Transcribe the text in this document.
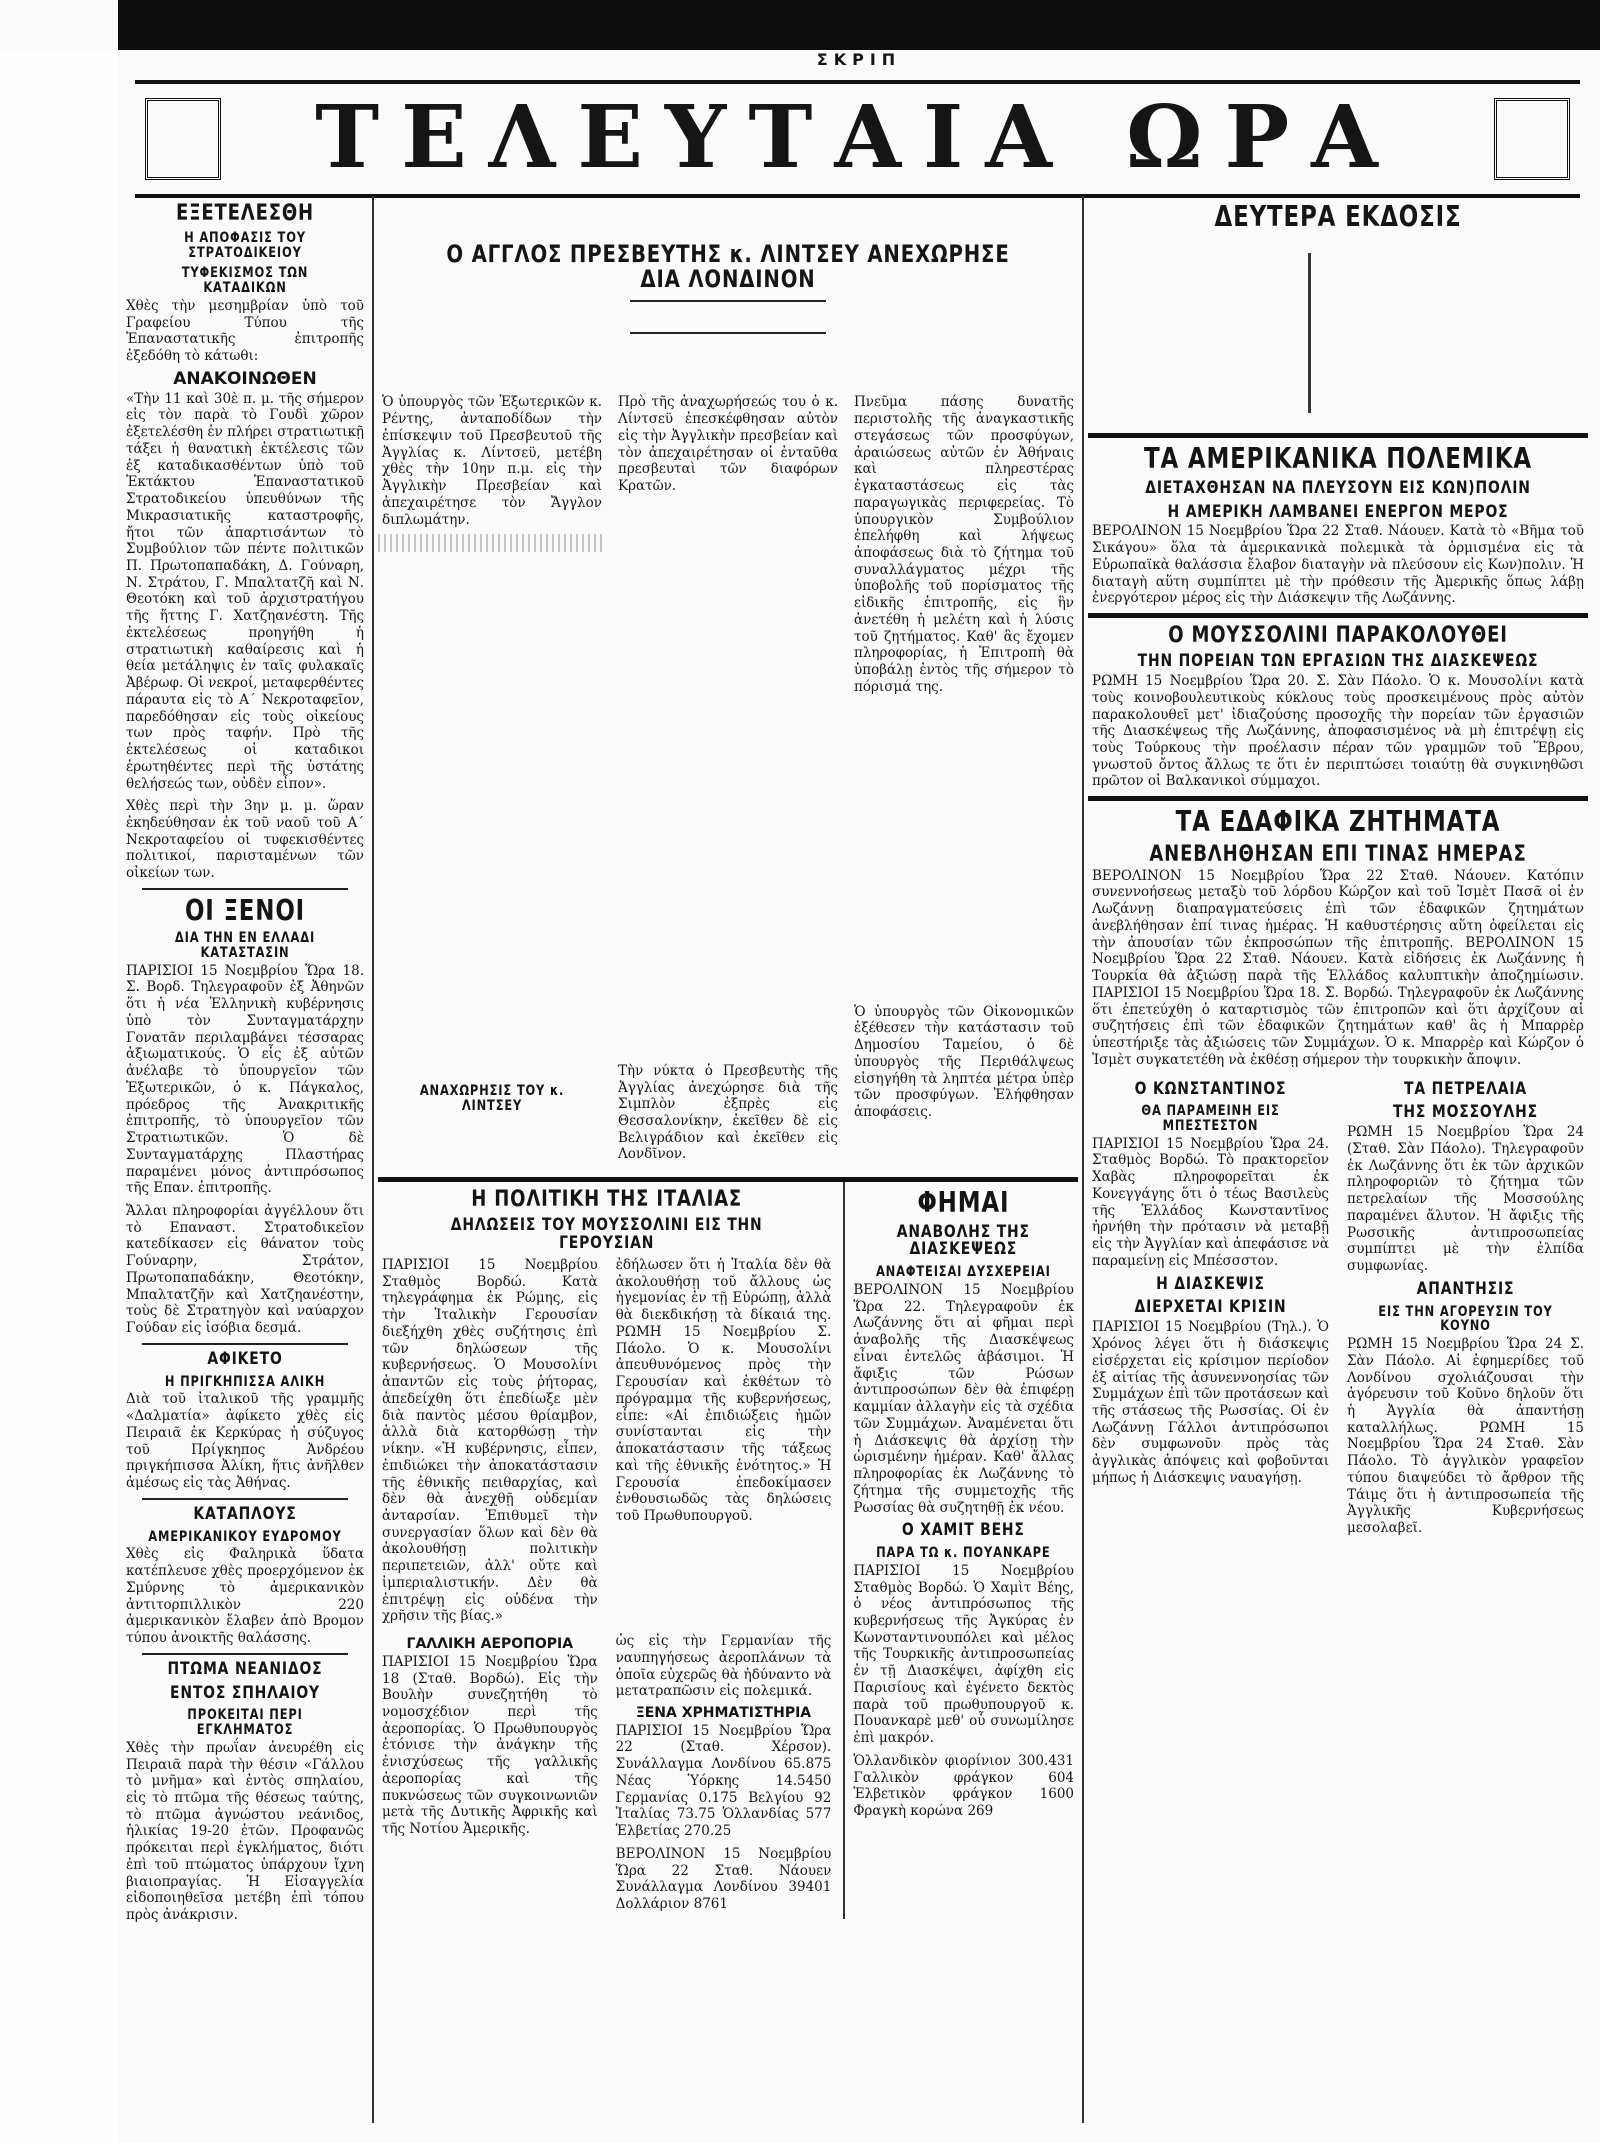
ΣΚΡΙΠ
ΤΕΛΕΥΤΑΙΑ ΩΡΑ
ΕΞΕΤΕΛΕΣΘΗ
Η ΑΠΟΦΑΣΙΣ ΤΟΥ ΣΤΡΑΤΟΔΙΚΕΙΟΥ
ΤΥΦΕΚΙΣΜΟΣ ΤΩΝ ΚΑΤΑΔΙΚΩΝ
Χθὲς τὴν μεσημβρίαν ὑπὸ τοῦ Γραφείου Τύπου τῆς Ἐπαναστατικῆς ἐπιτροπῆς ἐξεδόθη τὸ κάτωθι:
ΑΝΑΚΟΙΝΩΘΕΝ
«Τὴν 11 καὶ 30ὲ π. μ. τῆς σήμερον εἰς τὸν παρὰ τὸ Γουδὶ χῶρον ἐξετελέσθη ἐν πλήρει στρατιωτικῇ τάξει ἡ θανατικὴ ἐκτέλεσις τῶν ἐξ καταδικασθέντων ὑπὸ τοῦ Ἐκτάκτου Ἐπαναστατικοῦ Στρατοδικείου ὑπευθύνων τῆς Μικρασιατικῆς καταστροφῆς, ἤτοι τῶν ἀπαρτισάντων τὸ Συμβούλιον τῶν πέντε πολιτικῶν Π. Πρωτοπαπαδάκη, Δ. Γούναρη, Ν. Στράτου, Γ. Μπαλτατζῆ καὶ Ν. Θεοτόκη καὶ τοῦ ἀρχιστρατήγου τῆς ἥττης Γ. Χατζηανέστη. Τῆς ἐκτελέσεως προηγήθη ἡ στρατιωτικὴ καθαίρεσις καὶ ἡ θεία μετάληψις ἐν ταῖς φυλακαῖς Ἀβέρωφ. Οἱ νεκροί, μεταφερθέντες πάραυτα εἰς τὸ Α΄ Νεκροταφεῖον, παρεδόθησαν εἰς τοὺς οἰκείους των πρὸς ταφήν. Πρὸ τῆς ἐκτελέσεως οἱ καταδικοι ἐρωτηθέντες περὶ τῆς ὑστάτης θελήσεώς των, οὐδὲν εἶπον».
Χθὲς περὶ τὴν 3ην μ. μ. ὥραν ἐκηδεύθησαν ἐκ τοῦ ναοῦ τοῦ Α΄ Νεκροταφείου οἱ τυφεκισθέντες πολιτικοί, παρισταμένων τῶν οἰκείων των.
ΟΙ ΞΕΝΟΙ
ΔΙΑ ΤΗΝ ΕΝ ΕΛΛΑΔΙ ΚΑΤΑΣΤΑΣΙΝ
ΠΑΡΙΣΙΟΙ 15 Νοεμβρίου Ὥρα 18. Σ. Βορδ. Τηλεγραφοῦν ἐξ Ἀθηνῶν ὅτι ἡ νέα Ἑλληνικὴ κυβέρνησις ὑπὸ τὸν Συνταγματάρχην Γονατᾶν περιλαμβάνει τέσσαρας ἀξιωματικούς. Ὁ εἷς ἐξ αὐτῶν ἀνέλαβε τὸ ὑπουργεῖον τῶν Ἐξωτερικῶν, ὁ κ. Πάγκαλος, πρόεδρος τῆς Ἀνακριτικῆς ἐπιτροπῆς, τὸ ὑπουργεῖον τῶν Στρατιωτικῶν. Ὁ δὲ Συνταγματάρχης Πλαστήρας παραμένει μόνος ἀντιπρόσωπος τῆς Επαν. ἐπιτροπῆς.
Ἄλλαι πληροφορίαι ἀγγέλλουν ὅτι τὸ Επαναστ. Στρατοδικεῖον κατεδίκασεν εἰς θάνατον τοὺς Γούναρην, Στράτον, Πρωτοπαπαδάκην, Θεοτόκην, Μπαλτατζῆν καὶ Χατζηανέστην, τοὺς δὲ Στρατηγὸν καὶ ναύαρχον Γούδαν εἰς ἰσόβια δεσμά.
ΑΦΙΚΕΤΟ
Η ΠΡΙΓΚΗΠΙΣΣΑ ΑΛΙΚΗ
Διὰ τοῦ ἰταλικοῦ τῆς γραμμῆς «Δαλματία» ἀφίκετο χθὲς εἰς Πειραιᾶ ἐκ Κερκύρας ἡ σύζυγος τοῦ Πρίγκηπος Ἀνδρέου πριγκήπισσα Ἀλίκη, ἥτις ἀνῆλθεν ἀμέσως εἰς τὰς Ἀθήνας.
ΚΑΤΑΠΛΟΥΣ
ΑΜΕΡΙΚΑΝΙΚΟΥ ΕΥΔΡΟΜΟΥ
Χθὲς εἰς Φαληρικὰ ὕδατα κατέπλευσε χθὲς προερχόμενον ἐκ Σμύρνης τὸ ἀμερικανικὸν ἀντιτορπιλλικὸν 220 ἀμερικανικὸν ἔλαβεν ἀπὸ Βρομον τύπου ἀνοικτῆς θαλάσσης.
ΠΤΩΜΑ ΝΕΑΝΙΔΟΣ
ΕΝΤΟΣ ΣΠΗΛΑΙΟΥ
ΠΡΟΚΕΙΤΑΙ ΠΕΡΙ ΕΓΚΛΗΜΑΤΟΣ
Χθὲς τὴν πρωΐαν ἀνευρέθη εἰς Πειραιᾶ παρὰ τὴν θέσιν «Γάλλου τὸ μνῆμα» καὶ ἐντὸς σπηλαίου, εἰς τὸ πτῶμα τῆς θέσεως ταύτης, τὸ πτῶμα ἀγνώστου νεάνιδος, ἡλικίας 19-20 ἐτῶν. Προφανῶς πρόκειται περὶ ἐγκλήματος, διότι ἐπὶ τοῦ πτώματος ὑπάρχουν ἴχνη βιαιοπραγίας. Ἡ Εἰσαγγελία εἰδοποιηθεῖσα μετέβη ἐπὶ τόπου πρὸς ἀνάκρισιν.
Ο ΑΓΓΛΟΣ ΠΡΕΣΒΕΥΤΗΣ κ. ΛΙΝΤΣΕΥ ΑΝΕΧΩΡΗΣΕ ΔΙΑ ΛΟΝΔΙΝΟΝ
Ὁ ὑπουργὸς τῶν Ἐξωτερικῶν κ. Ρέντης, ἀνταποδίδων τὴν ἐπίσκεψιν τοῦ Πρεσβευτοῦ τῆς Ἀγγλίας κ. Λίντσεϋ, μετέβη χθὲς τὴν 10ην π.μ. εἰς τὴν Ἀγγλικὴν Πρεσβείαν καὶ ἀπεχαιρέτησε τὸν Ἄγγλον διπλωμάτην.
ΑΝΑΧΩΡΗΣΙΣ ΤΟΥ κ. ΛΙΝΤΣΕΥ
Πρὸ τῆς ἀναχωρήσεώς του ὁ κ. Λίντσεϋ ἐπεσκέφθησαν αὐτὸν εἰς τὴν Ἀγγλικὴν πρεσβείαν καὶ τὸν ἀπεχαιρέτησαν οἱ ἐνταῦθα πρεσβευταὶ τῶν διαφόρων Κρατῶν.
Τὴν νύκτα ὁ Πρεσβευτὴς τῆς Ἀγγλίας ἀνεχώρησε διὰ τῆς Σιμπλὸν ἐξπρὲς εἰς Θεσσαλονίκην, ἐκεῖθεν δὲ εἰς Βελιγράδιον καὶ ἐκεῖθεν εἰς Λονδῖνον.
Πνεῦμα πάσης δυνατῆς περιστολῆς τῆς ἀναγκαστικῆς στεγάσεως τῶν προσφύγων, ἀραιώσεως αὐτῶν ἐν Ἀθήναις καὶ πληρεστέρας ἐγκαταστάσεως εἰς τὰς παραγωγικὰς περιφερείας. Τὸ ὑπουργικὸν Συμβούλιον ἐπελήφθη καὶ λήψεως ἀποφάσεως διὰ τὸ ζήτημα τοῦ συναλλάγματος μέχρι τῆς ὑποβολῆς τοῦ πορίσματος τῆς εἰδικῆς ἐπιτροπῆς, εἰς ἣν ἀνετέθη ἡ μελέτη καὶ ἡ λύσις τοῦ ζητήματος. Καθ' ἃς ἔχομεν πληροφορίας, ἡ Ἐπιτροπὴ θὰ ὑποβάλῃ ἐντὸς τῆς σήμερον τὸ πόρισμά της.
Ὁ ὑπουργὸς τῶν Οἰκονομικῶν ἐξέθεσεν τὴν κατάστασιν τοῦ Δημοσίου Ταμείου, ὁ δὲ ὑπουργὸς τῆς Περιθάλψεως εἰσηγήθη τὰ ληπτέα μέτρα ὑπὲρ τῶν προσφύγων. Ἐλήφθησαν ἀποφάσεις.
Η ΠΟΛΙΤΙΚΗ ΤΗΣ ΙΤΑΛΙΑΣ
ΔΗΛΩΣΕΙΣ ΤΟΥ ΜΟΥΣΣΟΛΙΝΙ ΕΙΣ ΤΗΝ ΓΕΡΟΥΣΙΑΝ
ΠΑΡΙΣΙΟΙ 15 Νοεμβρίου Σταθμὸς Βορδώ. Κατὰ τηλεγράφημα ἐκ Ρώμης, εἰς τὴν Ἰταλικὴν Γερουσίαν διεξήχθη χθὲς συζήτησις ἐπὶ τῶν δηλώσεων τῆς κυβερνήσεως. Ὁ Μουσολίνι ἀπαντῶν εἰς τοὺς ῥήτορας, ἀπεδείχθη ὅτι ἐπεδίωξε μὲν διὰ παντὸς μέσου θρίαμβον, ἀλλὰ διὰ κατορθώσῃ τὴν νίκην. «Ἡ κυβέρνησις, εἶπεν, ἐπιδιώκει τὴν ἀποκατάστασιν τῆς ἐθνικῆς πειθαρχίας, καὶ δὲν θὰ ἀνεχθῇ οὐδεμίαν ἀνταρσίαν. Ἐπιθυμεῖ τὴν συνεργασίαν ὅλων καὶ δὲν θὰ ἀκολουθήσῃ πολιτικὴν περιπετειῶν, ἀλλ' οὔτε καὶ ἰμπεριαλιστικήν. Δὲν θὰ ἐπιτρέψῃ εἰς οὐδένα τὴν χρῆσιν τῆς βίας.»
ἐδήλωσεν ὅτι ἡ Ἰταλία δὲν θὰ ἀκολουθήσῃ τοῦ ἄλλους ὡς ἡγεμονίας ἐν τῇ Εὐρώπῃ, ἀλλὰ θὰ διεκδικήσῃ τὰ δίκαιά της. ΡΩΜΗ 15 Νοεμβρίου Σ. Πάολο. Ὁ κ. Μουσολίνι ἀπευθυνόμενος πρὸς τὴν Γερουσίαν καὶ ἐκθέτων τὸ πρόγραμμα τῆς κυβερνήσεως, εἶπε: «Αἱ ἐπιδιώξεις ἡμῶν συνίστανται εἰς τὴν ἀποκατάστασιν τῆς τάξεως καὶ τῆς ἐθνικῆς ἑνότητος.» Ἡ Γερουσία ἐπεδοκίμασεν ἐνθουσιωδῶς τὰς δηλώσεις τοῦ Πρωθυπουργοῦ.
ΓΑΛΛΙΚΗ ΑΕΡΟΠΟΡΙΑ
ΠΑΡΙΣΙΟΙ 15 Νοεμβρίου Ὥρα 18 (Σταθ. Βορδώ). Εἰς τὴν Βουλὴν συνεζητήθη τὸ νομοσχέδιον περὶ τῆς ἀεροπορίας. Ὁ Πρωθυπουργὸς ἐτόνισε τὴν ἀνάγκην τῆς ἐνισχύσεως τῆς γαλλικῆς ἀεροπορίας καὶ τῆς πυκνώσεως τῶν συγκοινωνιῶν μετὰ τῆς Δυτικῆς Ἀφρικῆς καὶ τῆς Νοτίου Ἀμερικῆς.
ὡς εἰς τὴν Γερμανίαν τῆς ναυπηγήσεως ἀεροπλάνων τὰ ὁποῖα εὐχερῶς θὰ ἠδύναντο νὰ μετατραπῶσιν εἰς πολεμικά.
ΞΕΝΑ ΧΡΗΜΑΤΙΣΤΗΡΙΑ
ΠΑΡΙΣΙΟΙ 15 Νοεμβρίου Ὥρα 22 (Σταθ. Χέρσον). Συνάλλαγμα Λονδίνου 65.875 Νέας Ὑόρκης 14.5450 Γερμανίας 0.175 Βελγίου 92 Ἰταλίας 73.75 Ὁλλανδίας 577 Ἑλβετίας 270.25
ΒΕΡΟΛΙΝΟΝ 15 Νοεμβρίου Ὥρα 22 Σταθ. Νάουεν Συνάλλαγμα Λονδίνου 39401 Δολλάριον 8761
ΦΗΜΑΙ
ΑΝΑΒΟΛΗΣ ΤΗΣ ΔΙΑΣΚΕΨΕΩΣ
ΑΝΑΦΤΕΙΣΑΙ ΔΥΣΧΕΡΕΙΑΙ
ΒΕΡΟΛΙΝΟΝ 15 Νοεμβρίου Ὥρα 22. Τηλεγραφοῦν ἐκ Λωζάννης ὅτι αἱ φῆμαι περὶ ἀναβολῆς τῆς Διασκέψεως εἶναι ἐντελῶς ἀβάσιμοι. Ἡ ἄφιξις τῶν Ρώσων ἀντιπροσώπων δὲν θὰ ἐπιφέρῃ καμμίαν ἀλλαγὴν εἰς τὰ σχέδια τῶν Συμμάχων. Ἀναμένεται ὅτι ἡ Διάσκεψις θὰ ἀρχίσῃ τὴν ὡρισμένην ἡμέραν. Καθ' ἄλλας πληροφορίας ἐκ Λωζάννης τὸ ζήτημα τῆς συμμετοχῆς τῆς Ρωσσίας θὰ συζητηθῇ ἐκ νέου.
Ο ΧΑΜΙΤ ΒΕΗΣ
ΠΑΡΑ ΤΩ κ. ΠΟΥΑΝΚΑΡΕ
ΠΑΡΙΣΙΟΙ 15 Νοεμβρίου Σταθμὸς Βορδώ. Ὁ Χαμὶτ Βέης, ὁ νέος ἀντιπρόσωπος τῆς κυβερνήσεως τῆς Ἀγκύρας ἐν Κωνσταντινουπόλει καὶ μέλος τῆς Τουρκικῆς ἀντιπροσωπείας ἐν τῇ Διασκέψει, ἀφίχθη εἰς Παρισίους καὶ ἐγένετο δεκτὸς παρὰ τοῦ πρωθυπουργοῦ κ. Πουανκαρὲ μεθ' οὗ συνωμίλησε ἐπὶ μακρόν.
Ὁλλανδικὸν φιορίνιον 300.431 Γαλλικὸν φράγκον 604 Ἑλβετικὸν φράγκον 1600 Φραγκὴ κορώνα 269
ΔΕΥΤΕΡΑ ΕΚΔΟΣΙΣ
ΤΑ ΑΜΕΡΙΚΑΝΙΚΑ ΠΟΛΕΜΙΚΑ
ΔΙΕΤΑΧΘΗΣΑΝ ΝΑ ΠΛΕΥΣΟΥΝ ΕΙΣ ΚΩΝ)ΠΟΛΙΝ
Η ΑΜΕΡΙΚΗ ΛΑΜΒΑΝΕΙ ΕΝΕΡΓΟΝ ΜΕΡΟΣ
ΒΕΡΟΛΙΝΟΝ 15 Νοεμβρίου Ὥρα 22 Σταθ. Νάουεν. Κατὰ τὸ «Βῆμα τοῦ Σικάγου» ὅλα τὰ ἀμερικανικὰ πολεμικὰ τὰ ὁρμισμένα εἰς τὰ Εὐρωπαϊκὰ θαλάσσια ἔλαβον διαταγὴν νὰ πλεύσουν εἰς Κων)πολιν. Ἡ διαταγὴ αὕτη συμπίπτει μὲ τὴν πρόθεσιν τῆς Ἀμερικῆς ὅπως λάβῃ ἐνεργότερον μέρος εἰς τὴν Διάσκεψιν τῆς Λωζάννης.
Ο ΜΟΥΣΣΟΛΙΝΙ ΠΑΡΑΚΟΛΟΥΘΕΙ
ΤΗΝ ΠΟΡΕΙΑΝ ΤΩΝ ΕΡΓΑΣΙΩΝ ΤΗΣ ΔΙΑΣΚΕΨΕΩΣ
ΡΩΜΗ 15 Νοεμβρίου Ὥρα 20. Σ. Σὰν Πάολο. Ὁ κ. Μουσολίνι κατὰ τοὺς κοινοβουλευτικοὺς κύκλους τοὺς προσκειμένους πρὸς αὐτὸν παρακολουθεῖ μετ' ἰδιαζούσης προσοχῆς τὴν πορείαν τῶν ἐργασιῶν τῆς Διασκέψεως τῆς Λωζάννης, ἀποφασισμένος νὰ μὴ ἐπιτρέψῃ εἰς τοὺς Τούρκους τὴν προέλασιν πέραν τῶν γραμμῶν τοῦ Ἕβρου, γνωστοῦ ὄντος ἄλλως τε ὅτι ἐν περιπτώσει τοιαύτῃ θὰ συγκινηθῶσι πρῶτον οἱ Βαλκανικοὶ σύμμαχοι.
ΤΑ ΕΔΑΦΙΚΑ ΖΗΤΗΜΑΤΑ
ΑΝΕΒΛΗΘΗΣΑΝ ΕΠΙ ΤΙΝΑΣ ΗΜΕΡΑΣ
ΒΕΡΟΛΙΝΟΝ 15 Νοεμβρίου Ὥρα 22 Σταθ. Νάουεν. Κατόπιν συνεννοήσεως μεταξὺ τοῦ λόρδου Κώρζον καὶ τοῦ Ἰσμὲτ Πασᾶ οἱ ἐν Λωζάννῃ διαπραγματεύσεις ἐπὶ τῶν ἐδαφικῶν ζητημάτων ἀνεβλήθησαν ἐπί τινας ἡμέρας. Ἡ καθυστέρησις αὕτη ὀφείλεται εἰς τὴν ἀπουσίαν τῶν ἐκπροσώπων τῆς ἐπιτροπῆς. ΒΕΡΟΛΙΝΟΝ 15 Νοεμβρίου Ὥρα 22 Σταθ. Νάουεν. Κατὰ εἰδήσεις ἐκ Λωζάννης ἡ Τουρκία θὰ ἀξιώσῃ παρὰ τῆς Ἑλλάδος καλυπτικὴν ἀποζημίωσιν. ΠΑΡΙΣΙΟΙ 15 Νοεμβρίου Ὥρα 18. Σ. Βορδώ. Τηλεγραφοῦν ἐκ Λωζάννης ὅτι ἐπετεύχθη ὁ καταρτισμὸς τῶν ἐπιτροπῶν καὶ ὅτι ἀρχίζουν αἱ συζητήσεις ἐπὶ τῶν ἐδαφικῶν ζητημάτων καθ' ἃς ἡ Μπαρρὲρ ὑπεστήριξε τὰς ἀξιώσεις τῶν Συμμάχων. Ὁ κ. Μπαρρὲρ καὶ Κώρζον ὁ Ἰσμὲτ συγκατετέθη νὰ ἐκθέσῃ σήμερον τὴν τουρκικὴν ἄποψιν.
Ο ΚΩΝΣΤΑΝΤΙΝΟΣ
ΘΑ ΠΑΡΑΜΕΙΝΗ ΕΙΣ ΜΠΕΣΤΕΣΤΟΝ
ΠΑΡΙΣΙΟΙ 15 Νοεμβρίου Ὥρα 24. Σταθμὸς Βορδώ. Τὸ πρακτορεῖον Χαβὰς πληροφορεῖται ἐκ Κονεγγάγης ὅτι ὁ τέως Βασιλεὺς τῆς Ἑλλάδος Κωνσταντῖνος ἠρνήθη τὴν πρότασιν νὰ μεταβῇ εἰς τὴν Ἀγγλίαν καὶ ἀπεφάσισε νὰ παραμείνῃ εἰς Μπέσσστον.
Η ΔΙΑΣΚΕΨΙΣ
ΔΙΕΡΧΕΤΑΙ ΚΡΙΣΙΝ
ΠΑΡΙΣΙΟΙ 15 Νοεμβρίου (Τηλ.). Ὁ Χρόνος λέγει ὅτι ἡ διάσκεψις εἰσέρχεται εἰς κρίσιμον περίοδον ἐξ αἰτίας τῆς ἀσυνεννοησίας τῶν Συμμάχων ἐπὶ τῶν προτάσεων καὶ τῆς στάσεως τῆς Ρωσσίας. Οἱ ἐν Λωζάννῃ Γάλλοι ἀντιπρόσωποι δὲν συμφωνοῦν πρὸς τὰς ἀγγλικὰς ἀπόψεις καὶ φοβοῦνται μήπως ἡ Διάσκεψις ναυαγήσῃ.
ΤΑ ΠΕΤΡΕΛΑΙΑ
ΤΗΣ ΜΟΣΣΟΥΛΗΣ
ΡΩΜΗ 15 Νοεμβρίου Ὥρα 24 (Σταθ. Σὰν Πάολο). Τηλεγραφοῦν ἐκ Λωζάννης ὅτι ἐκ τῶν ἀρχικῶν πληροφοριῶν τὸ ζήτημα τῶν πετρελαίων τῆς Μοσσούλης παραμένει ἄλυτον. Ἡ ἄφιξις τῆς Ρωσσικῆς ἀντιπροσωπείας συμπίπτει μὲ τὴν ἐλπίδα συμφωνίας.
ΑΠΑΝΤΗΣΙΣ
ΕΙΣ ΤΗΝ ΑΓΟΡΕΥΣΙΝ ΤΟΥ ΚΟΥΝΟ
ΡΩΜΗ 15 Νοεμβρίου Ὥρα 24 Σ. Σὰν Πάολο. Αἱ ἐφημερίδες τοῦ Λονδίνου σχολιάζουσαι τὴν ἀγόρευσιν τοῦ Κοῦνο δηλοῦν ὅτι ἡ Ἀγγλία θὰ ἀπαντήσῃ καταλλήλως. ΡΩΜΗ 15 Νοεμβρίου Ὥρα 24 Σταθ. Σὰν Πάολο. Τὸ ἀγγλικὸν γραφεῖον τύπου διαψεύδει τὸ ἄρθρον τῆς Τάιμς ὅτι ἡ ἀντιπροσωπεία τῆς Ἀγγλικῆς Κυβερνήσεως μεσολαβεῖ.
